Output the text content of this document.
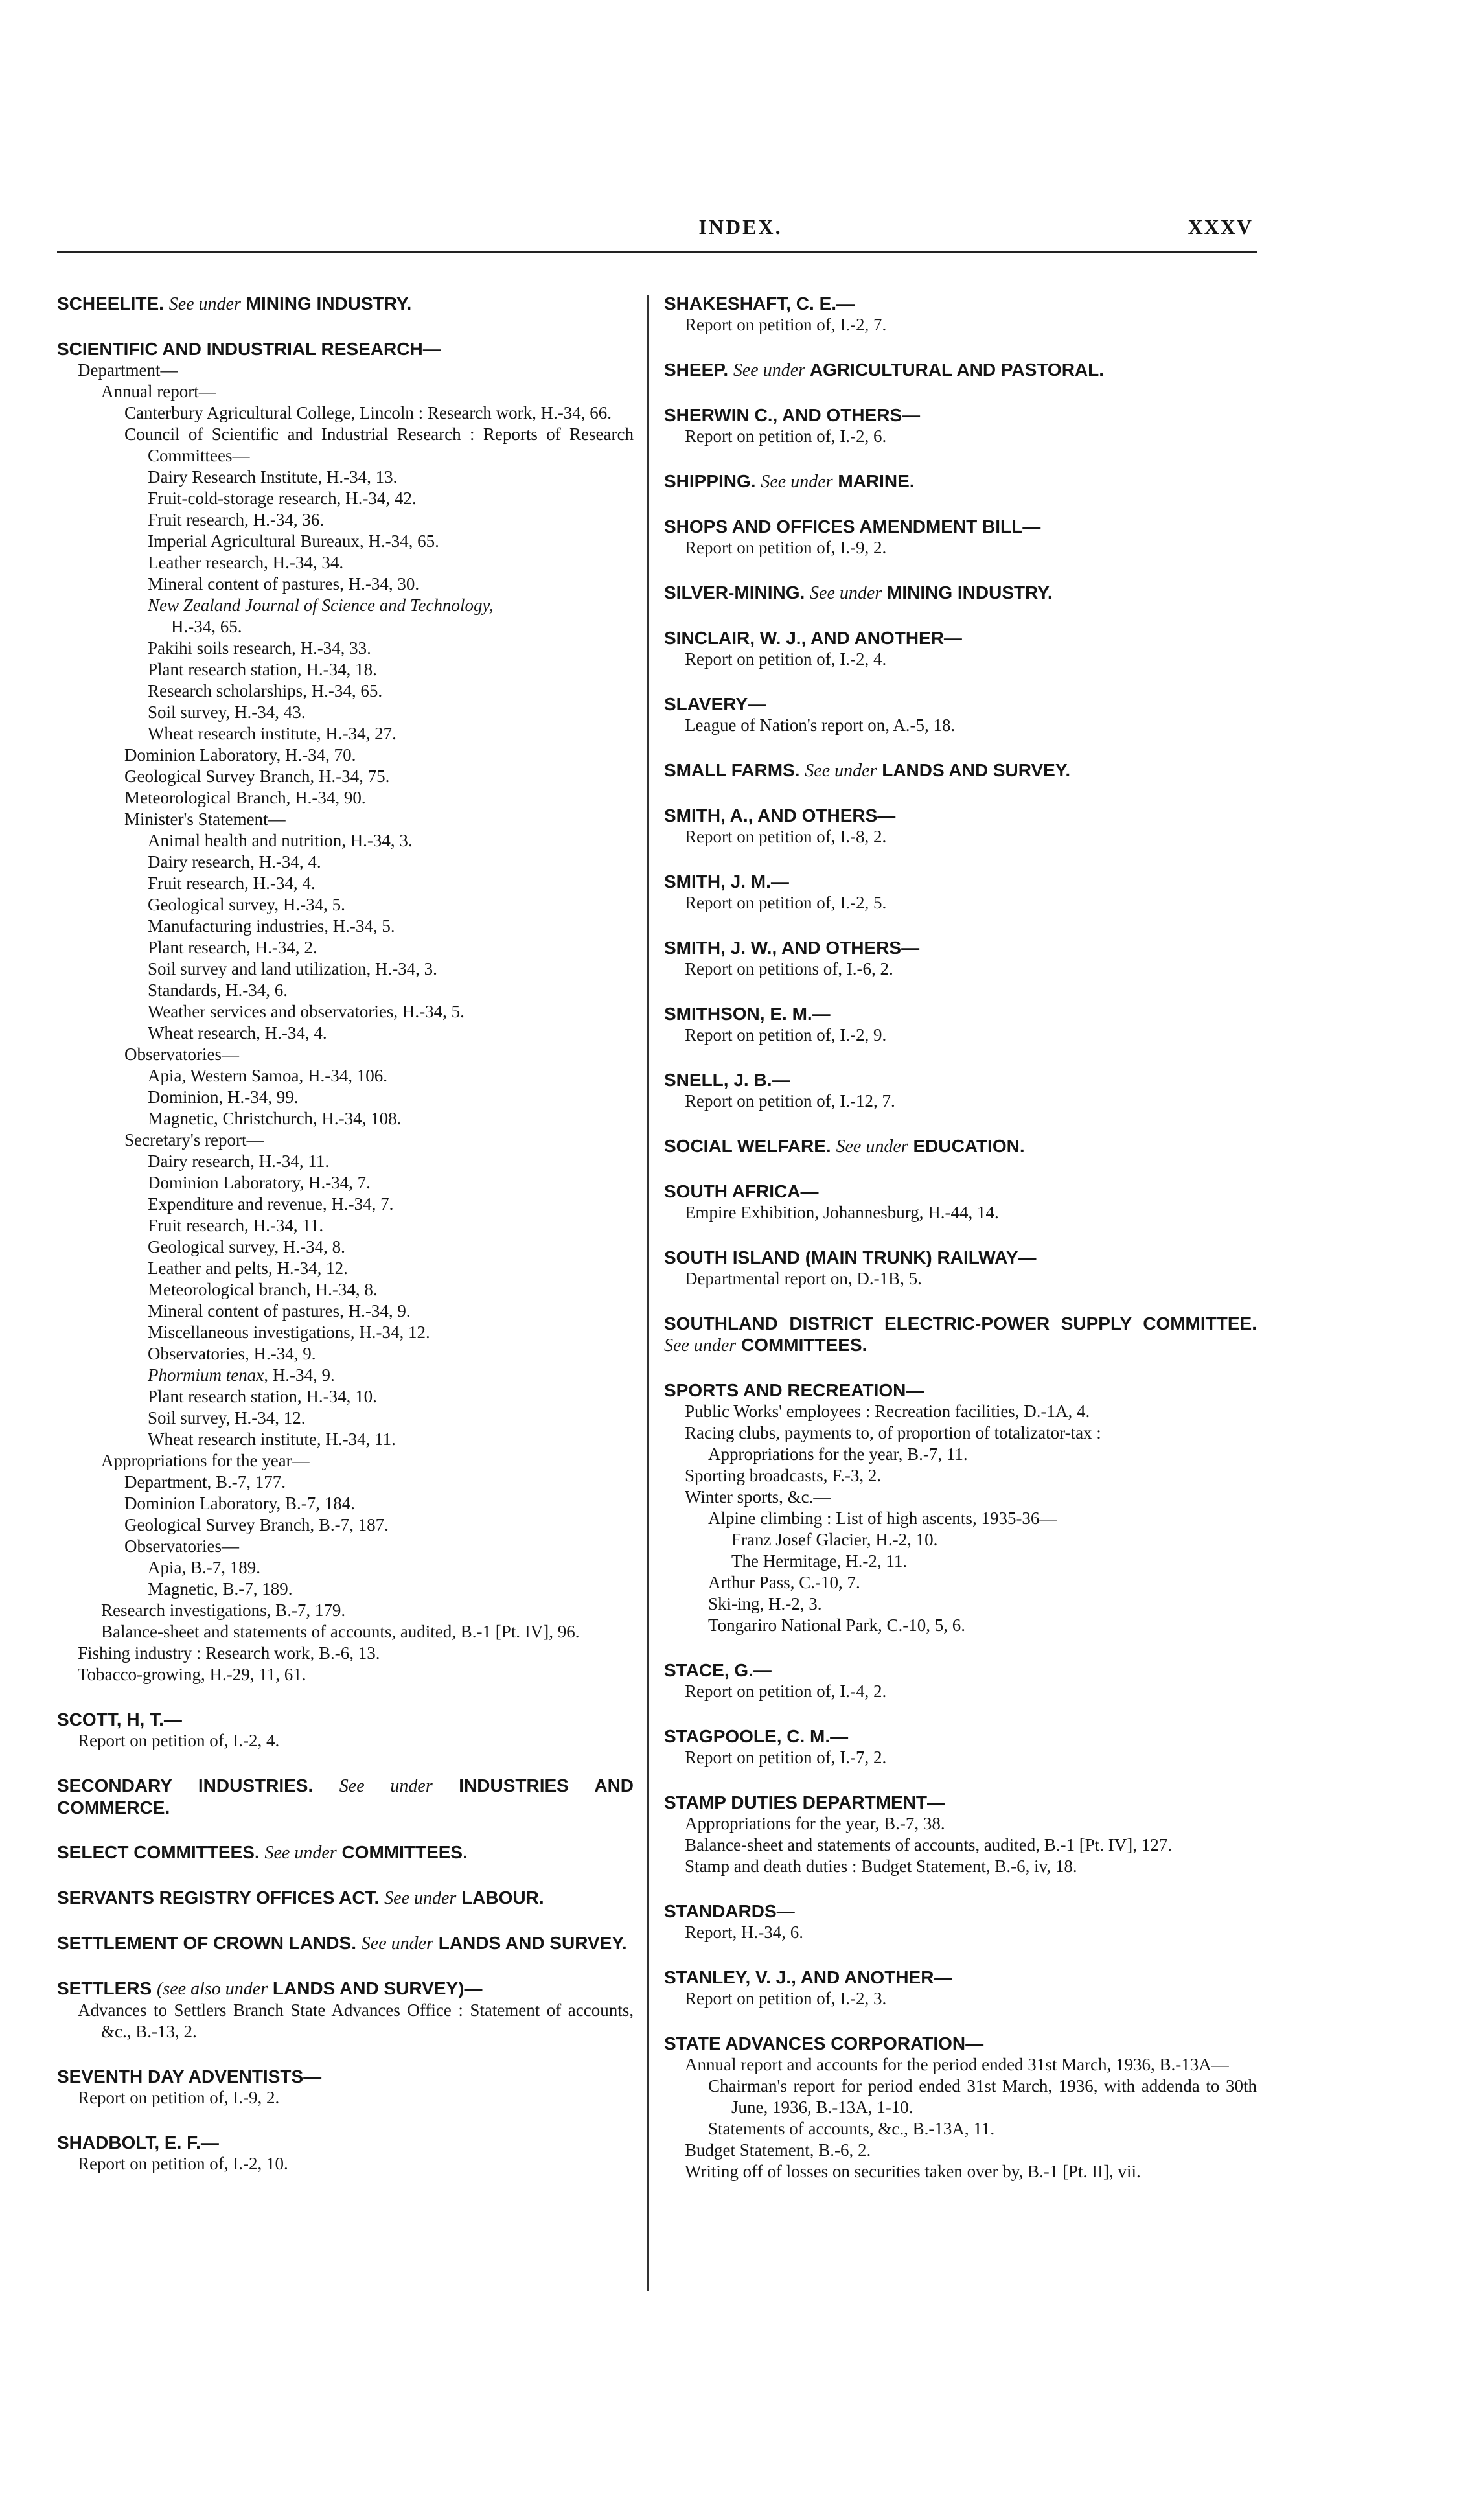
INDEX.	XXXV
SCHEELITE. See under MINING INDUSTRY.
SCIENTIFIC AND INDUSTRIAL RESEARCH—
Department—
Annual report—
Canterbury Agricultural College, Lincoln : Research work, H.-34, 66.
Council of Scientific and Industrial Research : Reports of Research Committees—
Dairy Research Institute, H.-34, 13.
Fruit-cold-storage research, H.-34, 42.
Fruit research, H.-34, 36.
Imperial Agricultural Bureaux, H.-34, 65.
Leather research, H.-34, 34.
Mineral content of pastures, H.-34, 30.
New Zealand Journal of Science and Technology,
H.-34, 65.
Pakihi soils research, H.-34, 33.
Plant research station, H.-34, 18.
Research scholarships, H.-34, 65.
Soil survey, H.-34, 43.
Wheat research institute, H.-34, 27.
Dominion Laboratory, H.-34, 70.
Geological Survey Branch, H.-34, 75.
Meteorological Branch, H.-34, 90.
Minister's Statement—
Animal health and nutrition, H.-34, 3.
Dairy research, H.-34, 4.
Fruit research, H.-34, 4.
Geological survey, H.-34, 5.
Manufacturing industries, H.-34, 5.
Plant research, H.-34, 2.
Soil survey and land utilization, H.-34, 3.
Standards, H.-34, 6.
Weather services and observatories, H.-34, 5.
Wheat research, H.-34, 4.
Observatories—
Apia, Western Samoa, H.-34, 106.
Dominion, H.-34, 99.
Magnetic, Christchurch, H.-34, 108.
Secretary's report—
Dairy research, H.-34, 11.
Dominion Laboratory, H.-34, 7.
Expenditure and revenue, H.-34, 7.
Fruit research, H.-34, 11.
Geological survey, H.-34, 8.
Leather and pelts, H.-34, 12.
Meteorological branch, H.-34, 8.
Mineral content of pastures, H.-34, 9.
Miscellaneous investigations, H.-34, 12.
Observatories, H.-34, 9.
Phormium tenax, H.-34, 9.
Plant research station, H.-34, 10.
Soil survey, H.-34, 12.
Wheat research institute, H.-34, 11.
Appropriations for the year—
Department, B.-7, 177.
Dominion Laboratory, B.-7, 184.
Geological Survey Branch, B.-7, 187.
Observatories—
Apia, B.-7, 189.
Magnetic, B.-7, 189.
Research investigations, B.-7, 179.
Balance-sheet and statements of accounts, audited, B.-1 [Pt. IV], 96.
Fishing industry : Research work, B.-6, 13.
Tobacco-growing, H.-29, 11, 61.
SCOTT, H, T.—
Report on petition of, I.-2, 4.
SECONDARY INDUSTRIES. See under INDUSTRIES AND COMMERCE.
SELECT COMMITTEES. See under COMMITTEES.
SERVANTS REGISTRY OFFICES ACT. See under LABOUR.
SETTLEMENT OF CROWN LANDS. See under LANDS AND SURVEY.
SETTLERS (see also under LANDS AND SURVEY)—
Advances to Settlers Branch State Advances Office : Statement of accounts, &c., B.-13, 2.
SEVENTH DAY ADVENTISTS—
Report on petition of, I.-9, 2.
SHADBOLT, E. F.—
Report on petition of, I.-2, 10.
SHAKESHAFT, C. E.—
Report on petition of, I.-2, 7.
SHEEP. See under AGRICULTURAL AND PASTORAL.
SHERWIN C., AND OTHERS—
Report on petition of, I.-2, 6.
SHIPPING. See under MARINE.
SHOPS AND OFFICES AMENDMENT BILL—
Report on petition of, I.-9, 2.
SILVER-MINING. See under MINING INDUSTRY.
SINCLAIR, W. J., AND ANOTHER—
Report on petition of, I.-2, 4.
SLAVERY—
League of Nation's report on, A.-5, 18.
SMALL FARMS. See under LANDS AND SURVEY.
SMITH, A., AND OTHERS—
Report on petition of, I.-8, 2.
SMITH, J. M.—
Report on petition of, I.-2, 5.
SMITH, J. W., AND OTHERS—
Report on petitions of, I.-6, 2.
SMITHSON, E. M.—
Report on petition of, I.-2, 9.
SNELL, J. B.—
Report on petition of, I.-12, 7.
SOCIAL WELFARE. See under EDUCATION.
SOUTH AFRICA—
Empire Exhibition, Johannesburg, H.-44, 14.
SOUTH ISLAND (MAIN TRUNK) RAILWAY—
Departmental report on, D.-1B, 5.
SOUTHLAND DISTRICT ELECTRIC-POWER SUPPLY COMMITTEE. See under COMMITTEES.
SPORTS AND RECREATION—
Public Works' employees : Recreation facilities, D.-1A, 4.
Racing clubs, payments to, of proportion of totalizator-tax :
Appropriations for the year, B.-7, 11.
Sporting broadcasts, F.-3, 2.
Winter sports, &c.—
Alpine climbing : List of high ascents, 1935-36—
Franz Josef Glacier, H.-2, 10.
The Hermitage, H.-2, 11.
Arthur Pass, C.-10, 7.
Ski-ing, H.-2, 3.
Tongariro National Park, C.-10, 5, 6.
STACE, G.—
Report on petition of, I.-4, 2.
STAGPOOLE, C. M.—
Report on petition of, I.-7, 2.
STAMP DUTIES DEPARTMENT—
Appropriations for the year, B.-7, 38.
Balance-sheet and statements of accounts, audited, B.-1 [Pt. IV], 127.
Stamp and death duties : Budget Statement, B.-6, iv, 18.
STANDARDS—
Report, H.-34, 6.
STANLEY, V. J., AND ANOTHER—
Report on petition of, I.-2, 3.
STATE ADVANCES CORPORATION—
Annual report and accounts for the period ended 31st March, 1936, B.-13A—
Chairman's report for period ended 31st March, 1936, with addenda to 30th June, 1936, B.-13A, 1-10.
Statements of accounts, &c., B.-13A, 11.
Budget Statement, B.-6, 2.
Writing off of losses on securities taken over by, B.-1 [Pt. II], vii.
